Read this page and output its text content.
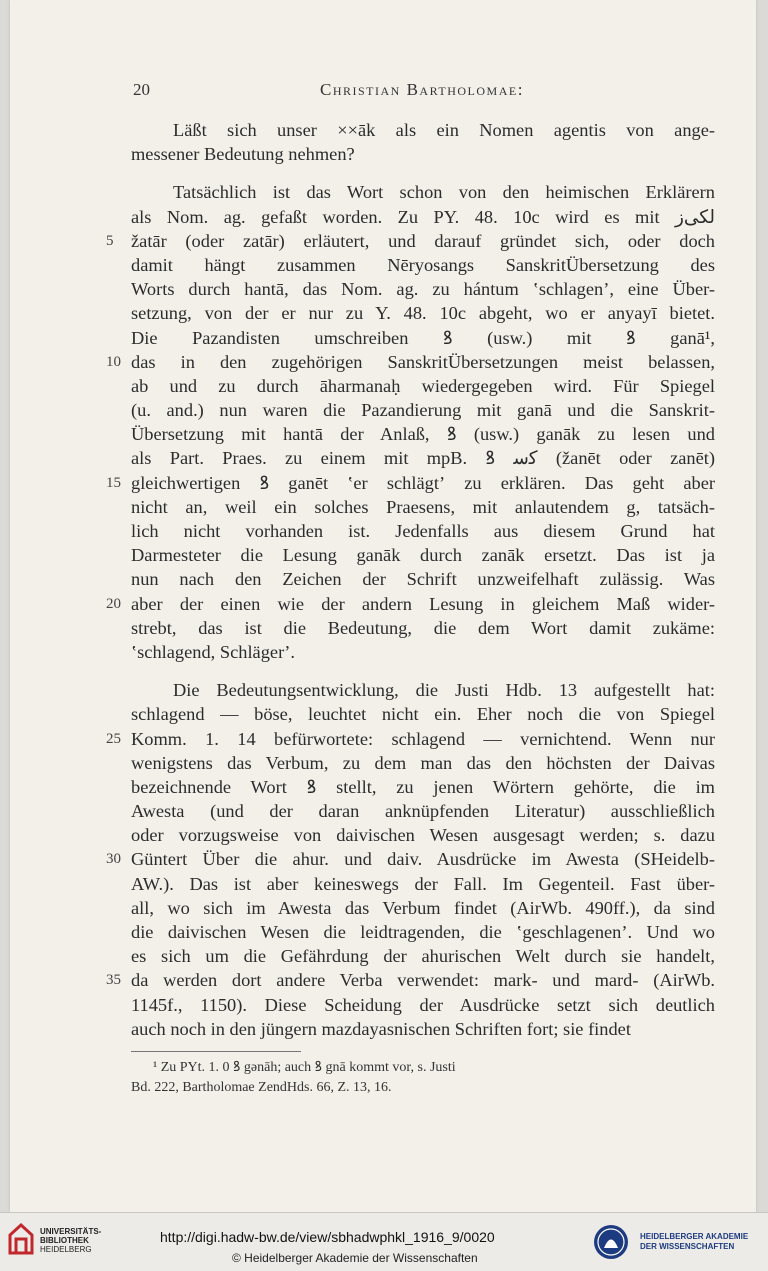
20	Christian Bartholomae:
Läßt sich unser ××āk als ein Nomen agentis von ange-
messener Bedeutung nehmen?
Tatsächlich ist das Wort schon von den heimischen Erklärern
als Nom. ag. gefaßt worden. Zu PY. 48. 10c wird es mit ﻟﮑﯽﺯ
žatār (oder zatār) erläutert, und darauf gründet sich, oder doch
5
damit hängt zusammen Nēryosangs SanskritÜbersetzung des
Worts durch hantā, das Nom. ag. zu hántum ʽschlagenʼ, eine Über-
setzung, von der er nur zu Y. 48. 10c abgeht, wo er anyayī bietet.
Die Pazandisten umschreiben ꝸ (usw.) mit ꝸ ganā¹,
das in den zugehörigen SanskritÜbersetzungen meist belassen,
10
ab und zu durch āharmanaḥ wiedergegeben wird. Für Spiegel
(u. and.) nun waren die Pazandierung mit ganā und die Sanskrit-
Übersetzung mit hantā der Anlaß, ꝸ (usw.) ganāk zu lesen und
als Part. Praes. zu einem mit mpB. ꝸ ﮐﺳ (žanēt oder zanēt)
gleichwertigen ꝸ ganēt ʽer schlägtʼ zu erklären. Das geht aber
15
nicht an, weil ein solches Praesens, mit anlautendem g, tatsäch-
lich nicht vorhanden ist. Jedenfalls aus diesem Grund hat
Darmesteter die Lesung ganāk durch zanāk ersetzt. Das ist ja
nun nach den Zeichen der Schrift unzweifelhaft zulässig. Was
aber der einen wie der andern Lesung in gleichem Maß wider-
20
strebt, das ist die Bedeutung, die dem Wort damit zukäme:
ʽschlagend, Schlägerʼ.
Die Bedeutungsentwicklung, die Justi Hdb. 13 aufgestellt hat:
schlagend — böse, leuchtet nicht ein. Eher noch die von Spiegel
Komm. 1. 14 befürwortete: schlagend — vernichtend. Wenn nur
25
wenigstens das Verbum, zu dem man das den höchsten der Daivas
bezeichnende Wort ꝸ stellt, zu jenen Wörtern gehörte, die im
Awesta (und der daran anknüpfenden Literatur) ausschließlich
oder vorzugsweise von daivischen Wesen ausgesagt werden; s. dazu
Güntert Über die ahur. und daiv. Ausdrücke im Awesta (SHeidelb-
30
AW.). Das ist aber keineswegs der Fall. Im Gegenteil. Fast über-
all, wo sich im Awesta das Verbum findet (AirWb. 490ff.), da sind
die daivischen Wesen die leidtragenden, die ʽgeschlagenenʼ. Und wo
es sich um die Gefährdung der ahurischen Welt durch sie handelt,
da werden dort andere Verba verwendet: mark- und mard- (AirWb.
35
1145f., 1150). Diese Scheidung der Ausdrücke setzt sich deutlich
auch noch in den jüngern mazdayasnischen Schriften fort; sie findet
¹ Zu PYt. 1. 0 ꝸ gənāh; auch ꝸ gnā kommt vor, s. Justi
Bd. 222, Bartholomae ZendHds. 66, Z. 13, 16.
UNIVERSITÄTS-
BIBLIOTHEK
HEIDELBERG
http://digi.hadw-bw.de/view/sbhadwphkl_1916_9/0020
© Heidelberger Akademie der Wissenschaften
HEIDELBERGER AKADEMIE
DER WISSENSCHAFTEN
